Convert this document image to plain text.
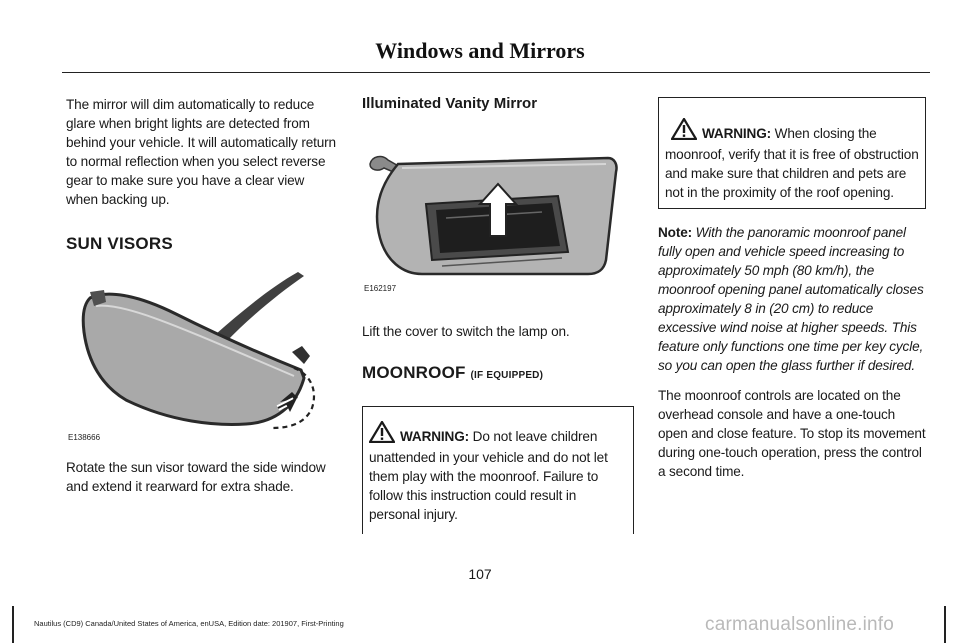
Windows and Mirrors

The mirror will dim automatically to reduce glare when bright lights are detected from behind your vehicle. It will automatically return to normal reflection when you select reverse gear to make sure you have a clear view when backing up.

SUN VISORS
E138666

Rotate the sun visor toward the side window and extend it rearward for extra shade.

Illuminated Vanity Mirror
E162197

Lift the cover to switch the lamp on.

MOONROOF (IF EQUIPPED)

WARNING: Do not leave children unattended in your vehicle and do not let them play with the moonroof. Failure to follow this instruction could result in personal injury.

WARNING: When closing the moonroof, verify that it is free of obstruction and make sure that children and pets are not in the proximity of the roof opening.

Note: With the panoramic moonroof panel fully open and vehicle speed increasing to approximately 50 mph (80 km/h), the moonroof opening panel automatically closes approximately 8 in (20 cm) to reduce excessive wind noise at higher speeds. This feature only functions one time per key cycle, so you can open the glass further if desired.

The moonroof controls are located on the overhead console and have a one-touch open and close feature. To stop its movement during one-touch operation, press the control a second time.

107
Nautilus (CD9) Canada/United States of America, enUSA, Edition date: 201907, First-Printing	carmanualsonline.info
